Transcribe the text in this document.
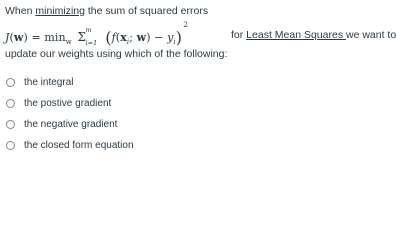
When minimizing the sum of squared errors
$J(w) = \min_w \Sigma$ m
i=1 ($f(x_i$; $w) - y_i$)
2
for Least Mean Squares we want to
update our weights using which of the following:
the integral
the postive gradient
the negative gradient
the closed form equation
